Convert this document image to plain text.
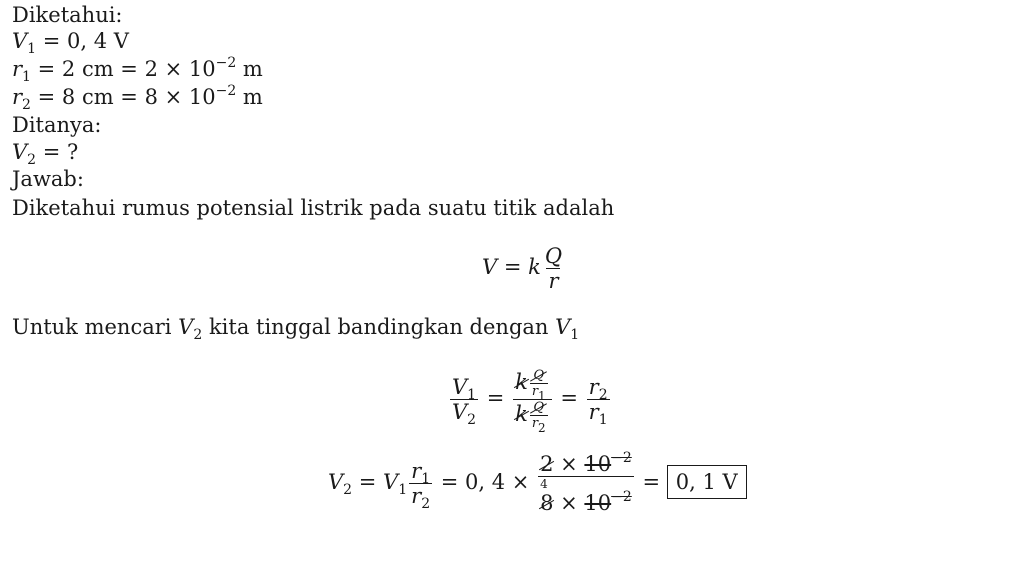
Diketahui:
$V_1 = 0$, 4 V
$r_1 = 2$ cm = $2 \times 10^{-2}$ m
$r_2 = 8$ cm = $8 \times 10^{-2}$ m
Ditanya:
$V_2$ = ?
Jawab:
Diketahui rumus potensial listrik pada suatu titik adalah
V = k $\frac{Q}{r}$
Untuk mencari $V_2$ kita tinggal bandingkan dengan $V_1$
$\frac{V_1}{V_2} = \frac{k \frac{Q}{r_1}}{k \frac{Q}{r_2}} = \frac{r_2}{r_1}$
$V_2 = V_1 \frac{r_1}{r_2} = 0$, $4 \times 2 \times 10^{-2}$
4
$8 \times 10^{-2} = 0$, 1 V
